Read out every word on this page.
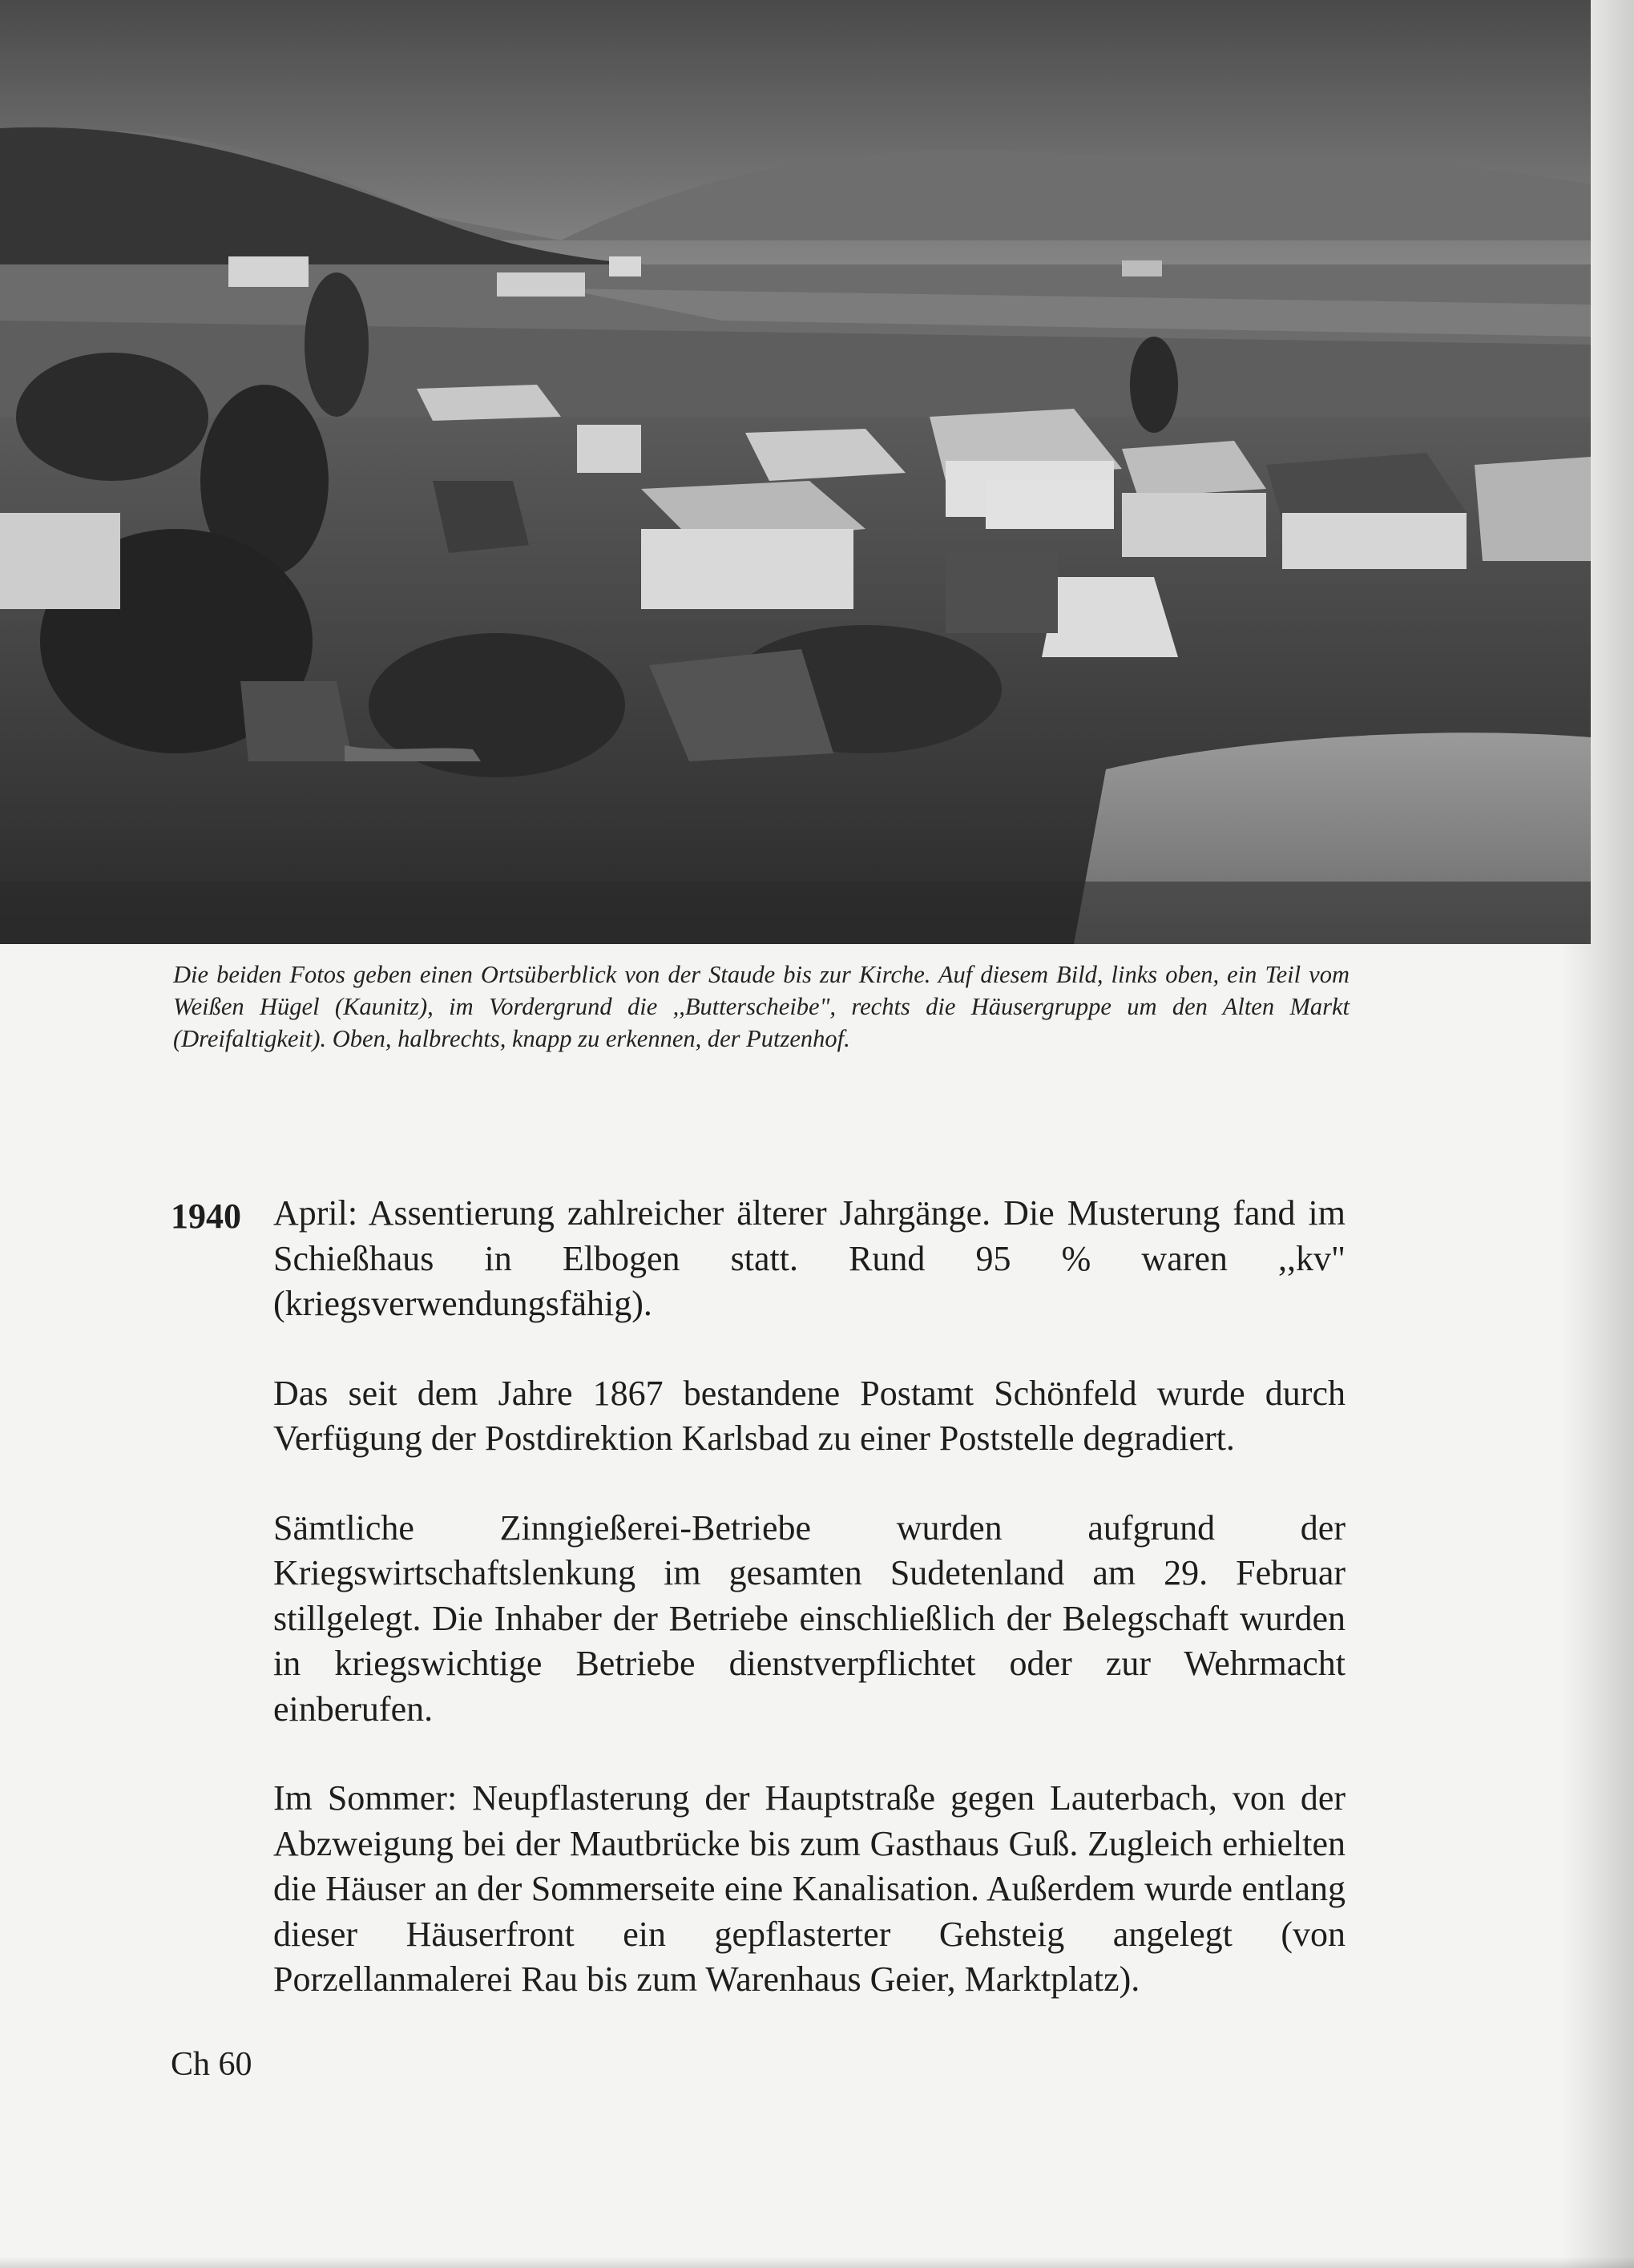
Die beiden Fotos geben einen Ortsüberblick von der Staude bis zur Kirche. Auf diesem Bild, links oben, ein Teil vom Weißen Hügel (Kaunitz), im Vordergrund die ,,Butterscheibe", rechts die Häusergruppe um den Alten Markt (Dreifaltigkeit). Oben, halbrechts, knapp zu erkennen, der Putzenhof.
1940 April: Assentierung zahlreicher älterer Jahrgänge. Die Musterung fand im Schießhaus in Elbogen statt. Rund 95 % waren ,,kv" (kriegsverwendungsfähig).

Das seit dem Jahre 1867 bestandene Postamt Schönfeld wurde durch Verfügung der Postdirektion Karlsbad zu einer Poststelle degradiert.

Sämtliche Zinngießerei-Betriebe wurden aufgrund der Kriegswirtschaftslenkung im gesamten Sudetenland am 29. Februar stillgelegt. Die Inhaber der Betriebe einschließlich der Belegschaft wurden in kriegswichtige Betriebe dienstverpflichtet oder zur Wehrmacht einberufen.

Im Sommer: Neupflasterung der Hauptstraße gegen Lauterbach, von der Abzweigung bei der Mautbrücke bis zum Gasthaus Guß. Zugleich erhielten die Häuser an der Sommerseite eine Kanalisation. Außerdem wurde entlang dieser Häuserfront ein gepflasterter Gehsteig angelegt (von Porzellanmalerei Rau bis zum Warenhaus Geier, Marktplatz).

Ch 60
